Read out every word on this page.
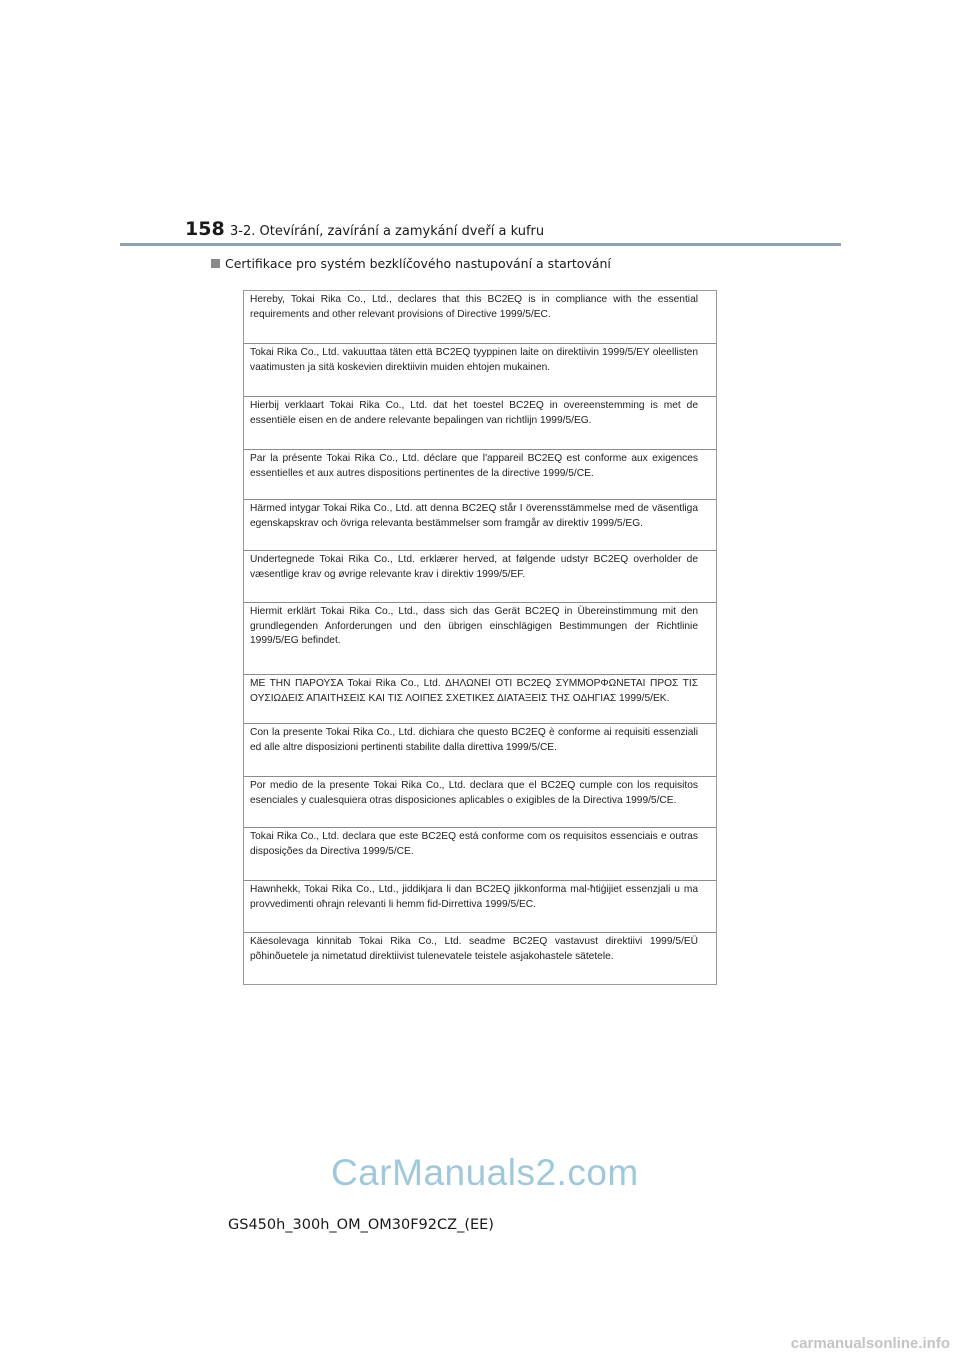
158 3-2. Otevírání, zavírání a zamykání dveří a kufru
Certifikace pro systém bezklíčového nastupování a startování
Hereby, Tokai Rika Co., Ltd., declares that this BC2EQ is in compliance with the essential requirements and other relevant provisions of Directive 1999/5/EC.
Tokai Rika Co., Ltd. vakuuttaa täten että BC2EQ tyyppinen laite on direktiivin 1999/5/EY oleellisten vaatimusten ja sitä koskevien direktiivin muiden ehtojen mukainen.
Hierbij verklaart Tokai Rika Co., Ltd. dat het toestel BC2EQ in overeenstemming is met de essentiële eisen en de andere relevante bepalingen van richtlijn 1999/5/EG.
Par la présente Tokai Rika Co., Ltd. déclare que l'appareil BC2EQ est conforme aux exigences essentielles et aux autres dispositions pertinentes de la directive 1999/5/CE.
Härmed intygar Tokai Rika Co., Ltd. att denna BC2EQ står I överensstämmelse med de väsentliga egenskapskrav och övriga relevanta bestämmelser som framgår av direktiv 1999/5/EG.
Undertegnede Tokai Rika Co., Ltd. erklærer herved, at følgende udstyr BC2EQ overholder de væsentlige krav og øvrige relevante krav i direktiv 1999/5/EF.
Hiermit erklärt Tokai Rika Co., Ltd., dass sich das Gerät BC2EQ in Übereinstimmung mit den grundlegenden Anforderungen und den übrigen einschlägigen Bestimmungen der Richtlinie 1999/5/EG befindet.
ΜΕ ΤΗΝ ΠΑΡΟΥΣΑ Tokai Rika Co., Ltd. ΔΗΛΩΝΕΙ ΟΤΙ BC2EQ ΣΥΜΜΟΡΦΩΝΕΤΑΙ ΠΡΟΣ ΤΙΣ ΟΥΣΙΩΔΕΙΣ ΑΠΑΙΤΗΣΕΙΣ ΚΑΙ ΤΙΣ ΛΟΙΠΕΣ ΣΧΕΤΙΚΕΣ ΔΙΑΤΑΞΕΙΣ ΤΗΣ ΟΔΗΓΙΑΣ 1999/5/ΕΚ.
Con la presente Tokai Rika Co., Ltd. dichiara che questo BC2EQ è conforme ai requisiti essenziali ed alle altre disposizioni pertinenti stabilite dalla direttiva 1999/5/CE.
Por medio de la presente Tokai Rika Co., Ltd. declara que el BC2EQ cumple con los requisitos esenciales y cualesquiera otras disposiciones aplicables o exigibles de la Directiva 1999/5/CE.
Tokai Rika Co., Ltd. declara que este BC2EQ está conforme com os requisitos essenciais e outras disposições da Directiva 1999/5/CE.
Hawnhekk, Tokai Rika Co., Ltd., jiddikjara li dan BC2EQ jikkonforma mal-ħtiġijiet essenzjali u ma provvedimenti oħrajn relevanti li hemm fid-Dirrettiva 1999/5/EC.
Käesolevaga kinnitab Tokai Rika Co., Ltd. seadme BC2EQ vastavust direktiivi 1999/5/EÜ põhinõuetele ja nimetatud direktiivist tulenevatele teistele asjakohastele sätetele.
CarManuals2.com
GS450h_300h_OM_OM30F92CZ_(EE)
carmanualsonline.info
